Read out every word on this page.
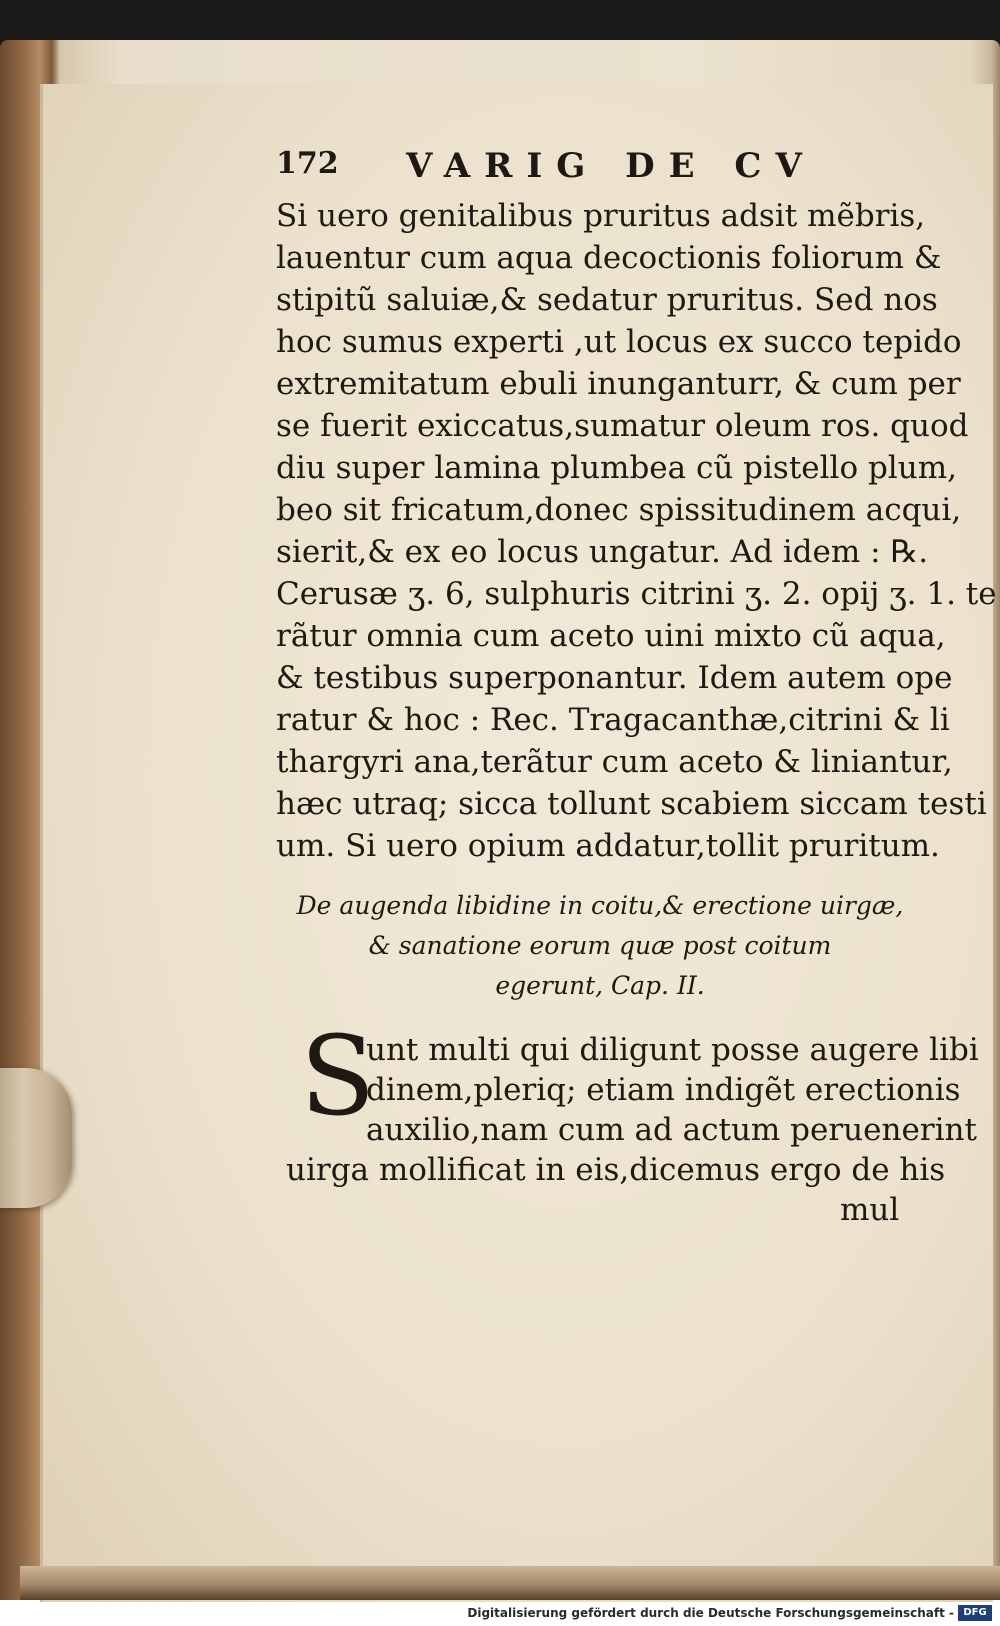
172 VARIG DE CV
Si uero genitalibus pruritus adsit mẽbris,
lauentur cum aqua decoctionis foliorum &
stipitũ saluiæ,& sedatur pruritus. Sed nos
hoc sumus experti ,ut locus ex succo tepido
extremitatum ebuli inunganturr, & cum per
se fuerit exiccatus,sumatur oleum ros. quod
diu super lamina plumbea cũ pistello plum,
beo sit fricatum,donec spissitudinem acqui,
sierit,& ex eo locus ungatur. Ad idem : ℞.
Cerusæ ʒ. 6, sulphuris citrini ʒ. 2. opij ʒ. 1. te
rãtur omnia cum aceto uini mixto cũ aqua,
& testibus superponantur. Idem autem ope
ratur & hoc : Rec. Tragacanthæ,citrini & li
thargyri ana,terãtur cum aceto & liniantur,
hæc utraq; sicca tollunt scabiem siccam testi
um. Si uero opium addatur,tollit pruritum.
De augenda libidine in coitu,& erectione uirgæ,
& sanatione eorum quæ post coitum
egerunt, Cap. II.
S
unt multi qui diligunt posse augere libi
dinem,pleriq; etiam indigẽt erectionis
auxilio,nam cum ad actum peruenerint
uirga mollificat in eis,dicemus ergo de his
mul
Digitalisierung gefördert durch die Deutsche Forschungsgemeinschaft - DFG
